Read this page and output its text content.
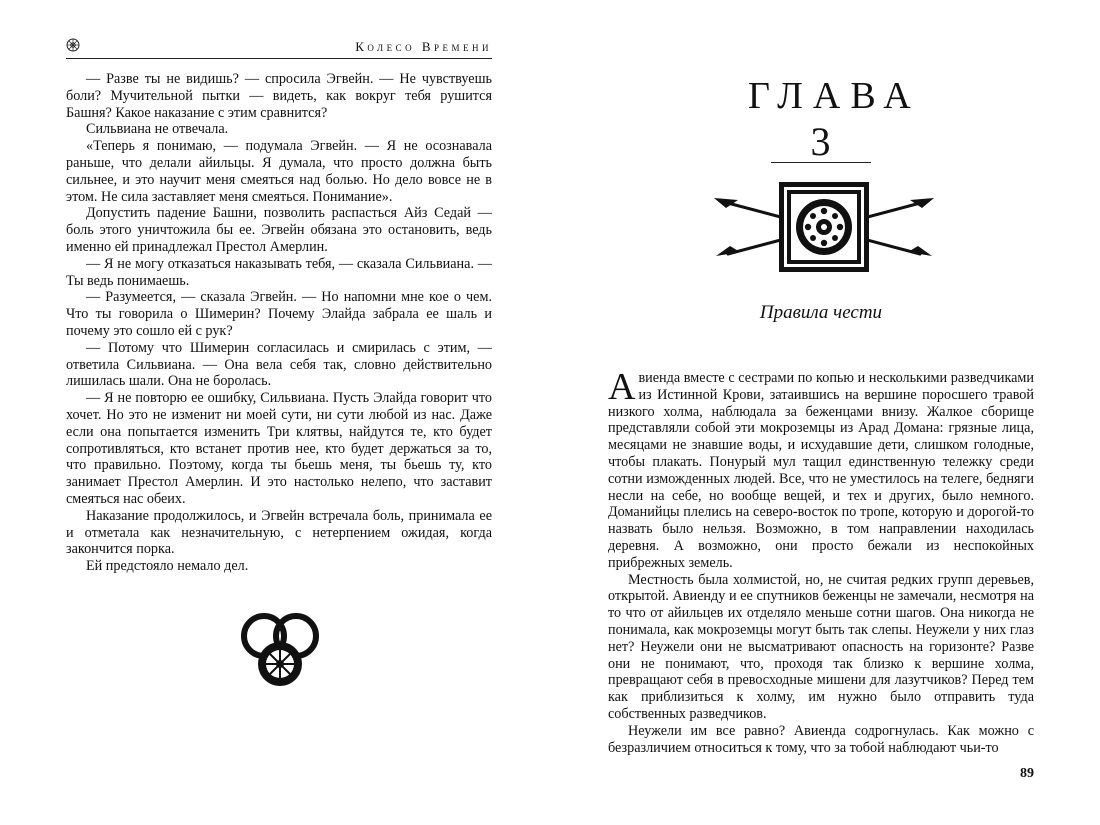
Колесо Времени

— Разве ты не видишь? — спросила Эгвейн. — Не чувствуешь боли? Мучительной пытки — видеть, как вокруг тебя рушится Башня? Какое наказание с этим сравнится?

Сильвиана не отвечала.

«Теперь я понимаю, — подумала Эгвейн. — Я не осознавала раньше, что делали айильцы. Я думала, что просто должна быть сильнее, и это научит меня смеяться над болью. Но дело вовсе не в этом. Не сила заставляет меня смеяться. Понимание».

Допустить падение Башни, позволить распасться Айз Седай — боль этого уничтожила бы ее. Эгвейн обязана это остановить, ведь именно ей принадлежал Престол Амерлин.

— Я не могу отказаться наказывать тебя, — сказала Сильвиана. — Ты ведь понимаешь.

— Разумеется, — сказала Эгвейн. — Но напомни мне кое о чем. Что ты говорила о Шимерин? Почему Элайда забрала ее шаль и почему это сошло ей с рук?

— Потому что Шимерин согласилась и смирилась с этим, — ответила Сильвиана. — Она вела себя так, словно действительно лишилась шали. Она не боролась.

— Я не повторю ее ошибку, Сильвиана. Пусть Элайда говорит что хочет. Но это не изменит ни моей сути, ни сути любой из нас. Даже если она попытается изменить Три клятвы, найдутся те, кто будет сопротивляться, кто встанет против нее, кто будет держаться за то, что правильно. Поэтому, когда ты бьешь меня, ты бьешь ту, кто занимает Престол Амерлин. И это настолько нелепо, что заставит смеяться нас обеих.

Наказание продолжилось, и Эгвейн встречала боль, принимала ее и отметала как незначительную, с нетерпением ожидая, когда закончится порка.

Ей предстояло немало дел.

ГЛАВА
3
Правила чести

Авиенда вместе с сестрами по копью и несколькими разведчиками из Истинной Крови, затаившись на вершине поросшего травой низкого холма, наблюдала за беженцами внизу. Жалкое сборище представляли собой эти мокроземцы из Арад Домана: грязные лица, месяцами не знавшие воды, и исхудавшие дети, слишком голодные, чтобы плакать. Понурый мул тащил единственную тележку среди сотни изможденных людей. Все, что не уместилось на телеге, бедняги несли на себе, но вообще вещей, и тех и других, было немного. Доманийцы плелись на северо-восток по тропе, которую и дорогой-то назвать было нельзя. Возможно, в том направлении находилась деревня. А возможно, они просто бежали из неспокойных прибрежных земель.

Местность была холмистой, но, не считая редких групп деревьев, открытой. Авиенду и ее спутников беженцы не замечали, несмотря на то что от айильцев их отделяло меньше сотни шагов. Она никогда не понимала, как мокроземцы могут быть так слепы. Неужели у них глаз нет? Неужели они не высматривают опасность на горизонте? Разве они не понимают, что, проходя так близко к вершине холма, превращают себя в превосходные мишени для лазутчиков? Перед тем как приблизиться к холму, им нужно было отправить туда собственных разведчиков.

Неужели им все равно? Авиенда содрогнулась. Как можно с безразличием относиться к тому, что за тобой наблюдают чьи-то

89
